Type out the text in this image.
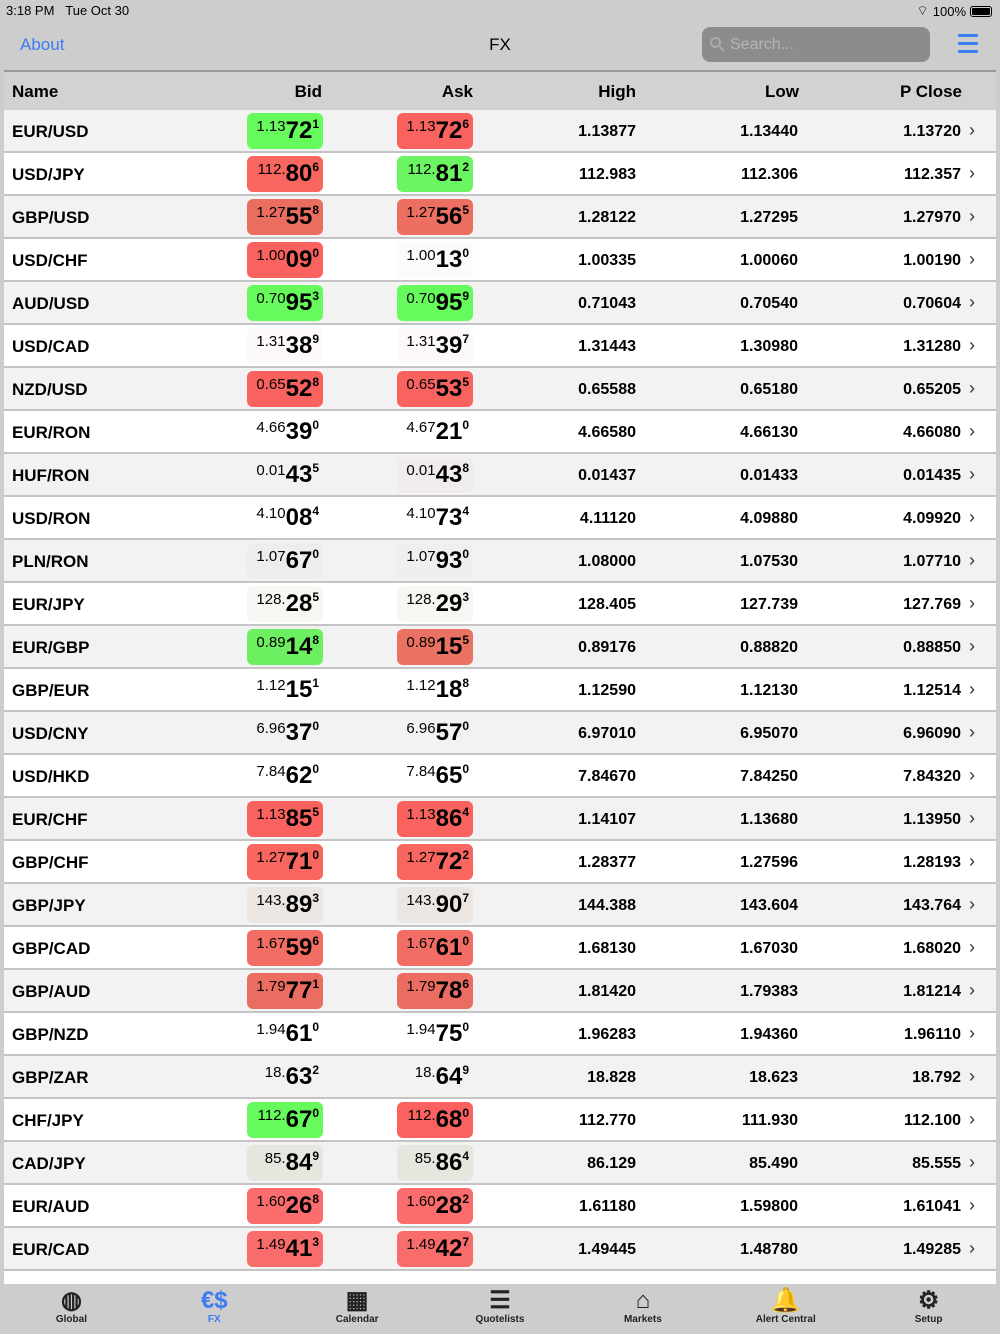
3:18 PM Tue Oct 30	⌔ 100%
About	FX
Search...
Name	Bid	Ask	High	Low	P Close
EUR/USD	1.1372$^1$	1.1372$^6$	1.13877	1.13440	1.13720 ›
USD/JPY	112.80$^6$	112.81$^2$	112.983	112.306	112.357 ›
GBP/USD	1.2755$^8$	1.2756$^5$	1.28122	1.27295	1.27970 ›
USD/CHF	1.0009$^0$	1.0013$^0$	1.00335	1.00060	1.00190 ›
AUD/USD	0.7095$^3$	0.7095$^9$	0.71043	0.70540	0.70604 ›
USD/CAD	1.3138$^9$	1.3139$^7$	1.31443	1.30980	1.31280 ›
NZD/USD	0.6552$^8$	0.6553$^5$	0.65588	0.65180	0.65205 ›
EUR/RON	4.6639$^0$	4.6721$^0$	4.66580	4.66130	4.66080 ›
HUF/RON	0.0143$^5$	0.0143$^8$	0.01437	0.01433	0.01435 ›
USD/RON	4.1008$^4$	4.1073$^4$	4.11120	4.09880	4.09920 ›
PLN/RON	1.0767$^0$	1.0793$^0$	1.08000	1.07530	1.07710 ›
EUR/JPY	128.28$^5$	128.29$^3$	128.405	127.739	127.769 ›
EUR/GBP	0.8914$^8$	0.8915$^5$	0.89176	0.88820	0.88850 ›
GBP/EUR	1.1215$^1$	1.1218$^8$	1.12590	1.12130	1.12514 ›
USD/CNY	6.9637$^0$	6.9657$^0$	6.97010	6.95070	6.96090 ›
USD/HKD	7.8462$^0$	7.8465$^0$	7.84670	7.84250	7.84320 ›
EUR/CHF	1.1385$^5$	1.1386$^4$	1.14107	1.13680	1.13950 ›
GBP/CHF	1.2771$^0$	1.2772$^2$	1.28377	1.27596	1.28193 ›
GBP/JPY	143.89$^3$	143.90$^7$	144.388	143.604	143.764 ›
GBP/CAD	1.6759$^6$	1.6761$^0$	1.68130	1.67030	1.68020 ›
GBP/AUD	1.7977$^1$	1.7978$^6$	1.81420	1.79383	1.81214 ›
GBP/NZD	1.9461$^0$	1.9475$^0$	1.96283	1.94360	1.96110 ›
GBP/ZAR	18.63$^2$	18.64$^9$	18.828	18.623	18.792 ›
CHF/JPY	112.67$^0$	112.68$^0$	112.770	111.930	112.100 ›
CAD/JPY	85.84$^9$	85.86$^4$	86.129	85.490	85.555 ›
EUR/AUD	1.6026$^8$	1.6028$^2$	1.61180	1.59800	1.61041 ›
EUR/CAD	1.4941$^3$	1.4942$^7$	1.49445	1.48780	1.49285 ›
◍
Global
€$
FX
▦
Calendar
☰
Quotelists
⌂
Markets
🔔
Alert Central
⚙
Setup
